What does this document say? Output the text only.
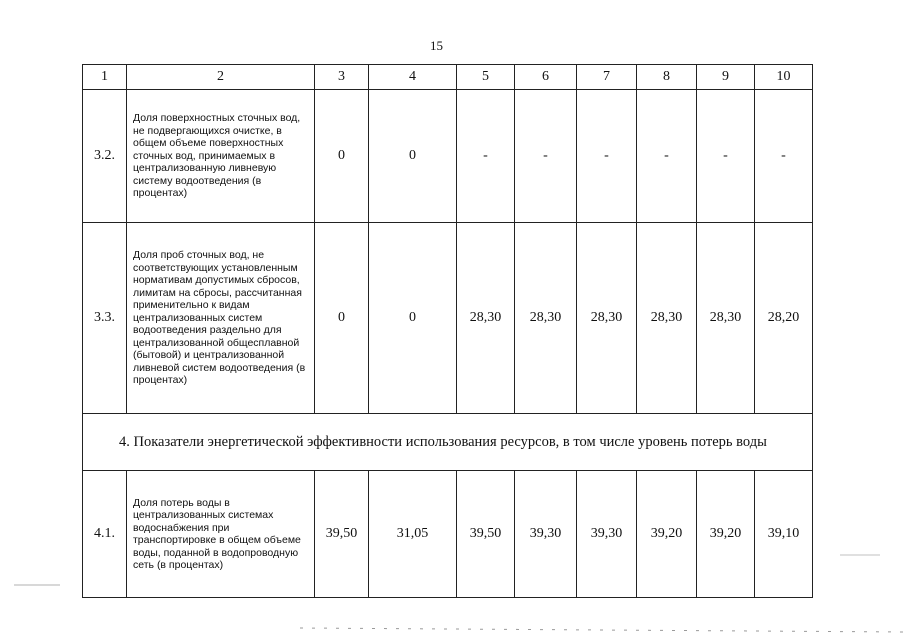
15
1	2	3	4	5	6	7	8	9	10
3.2.	Доля поверхностных сточных вод, не подвергающихся очистке, в общем объеме поверхностных сточных вод, принимаемых в централизованную ливневую систему водоотведения (в процентах)	0	0	-	-	-	-	-	-
3.3.	Доля проб сточных вод, не соответствующих установленным нормативам допустимых сбросов, лимитам на сбросы, рассчитанная применительно к видам централизованных систем водоотведения раздельно для централизованной общесплавной (бытовой) и централизованной ливневой систем водоотведения (в процентах)	0	0	28,30	28,30	28,30	28,30	28,30	28,20
4. Показатели энергетической эффективности использования ресурсов, в том числе уровень потерь воды									
4.1.	Доля потерь воды в централизованных системах водоснабжения при транспортировке в общем объеме воды, поданной в водопроводную сеть (в процентах)	39,50	31,05	39,50	39,30	39,30	39,20	39,20	39,10
